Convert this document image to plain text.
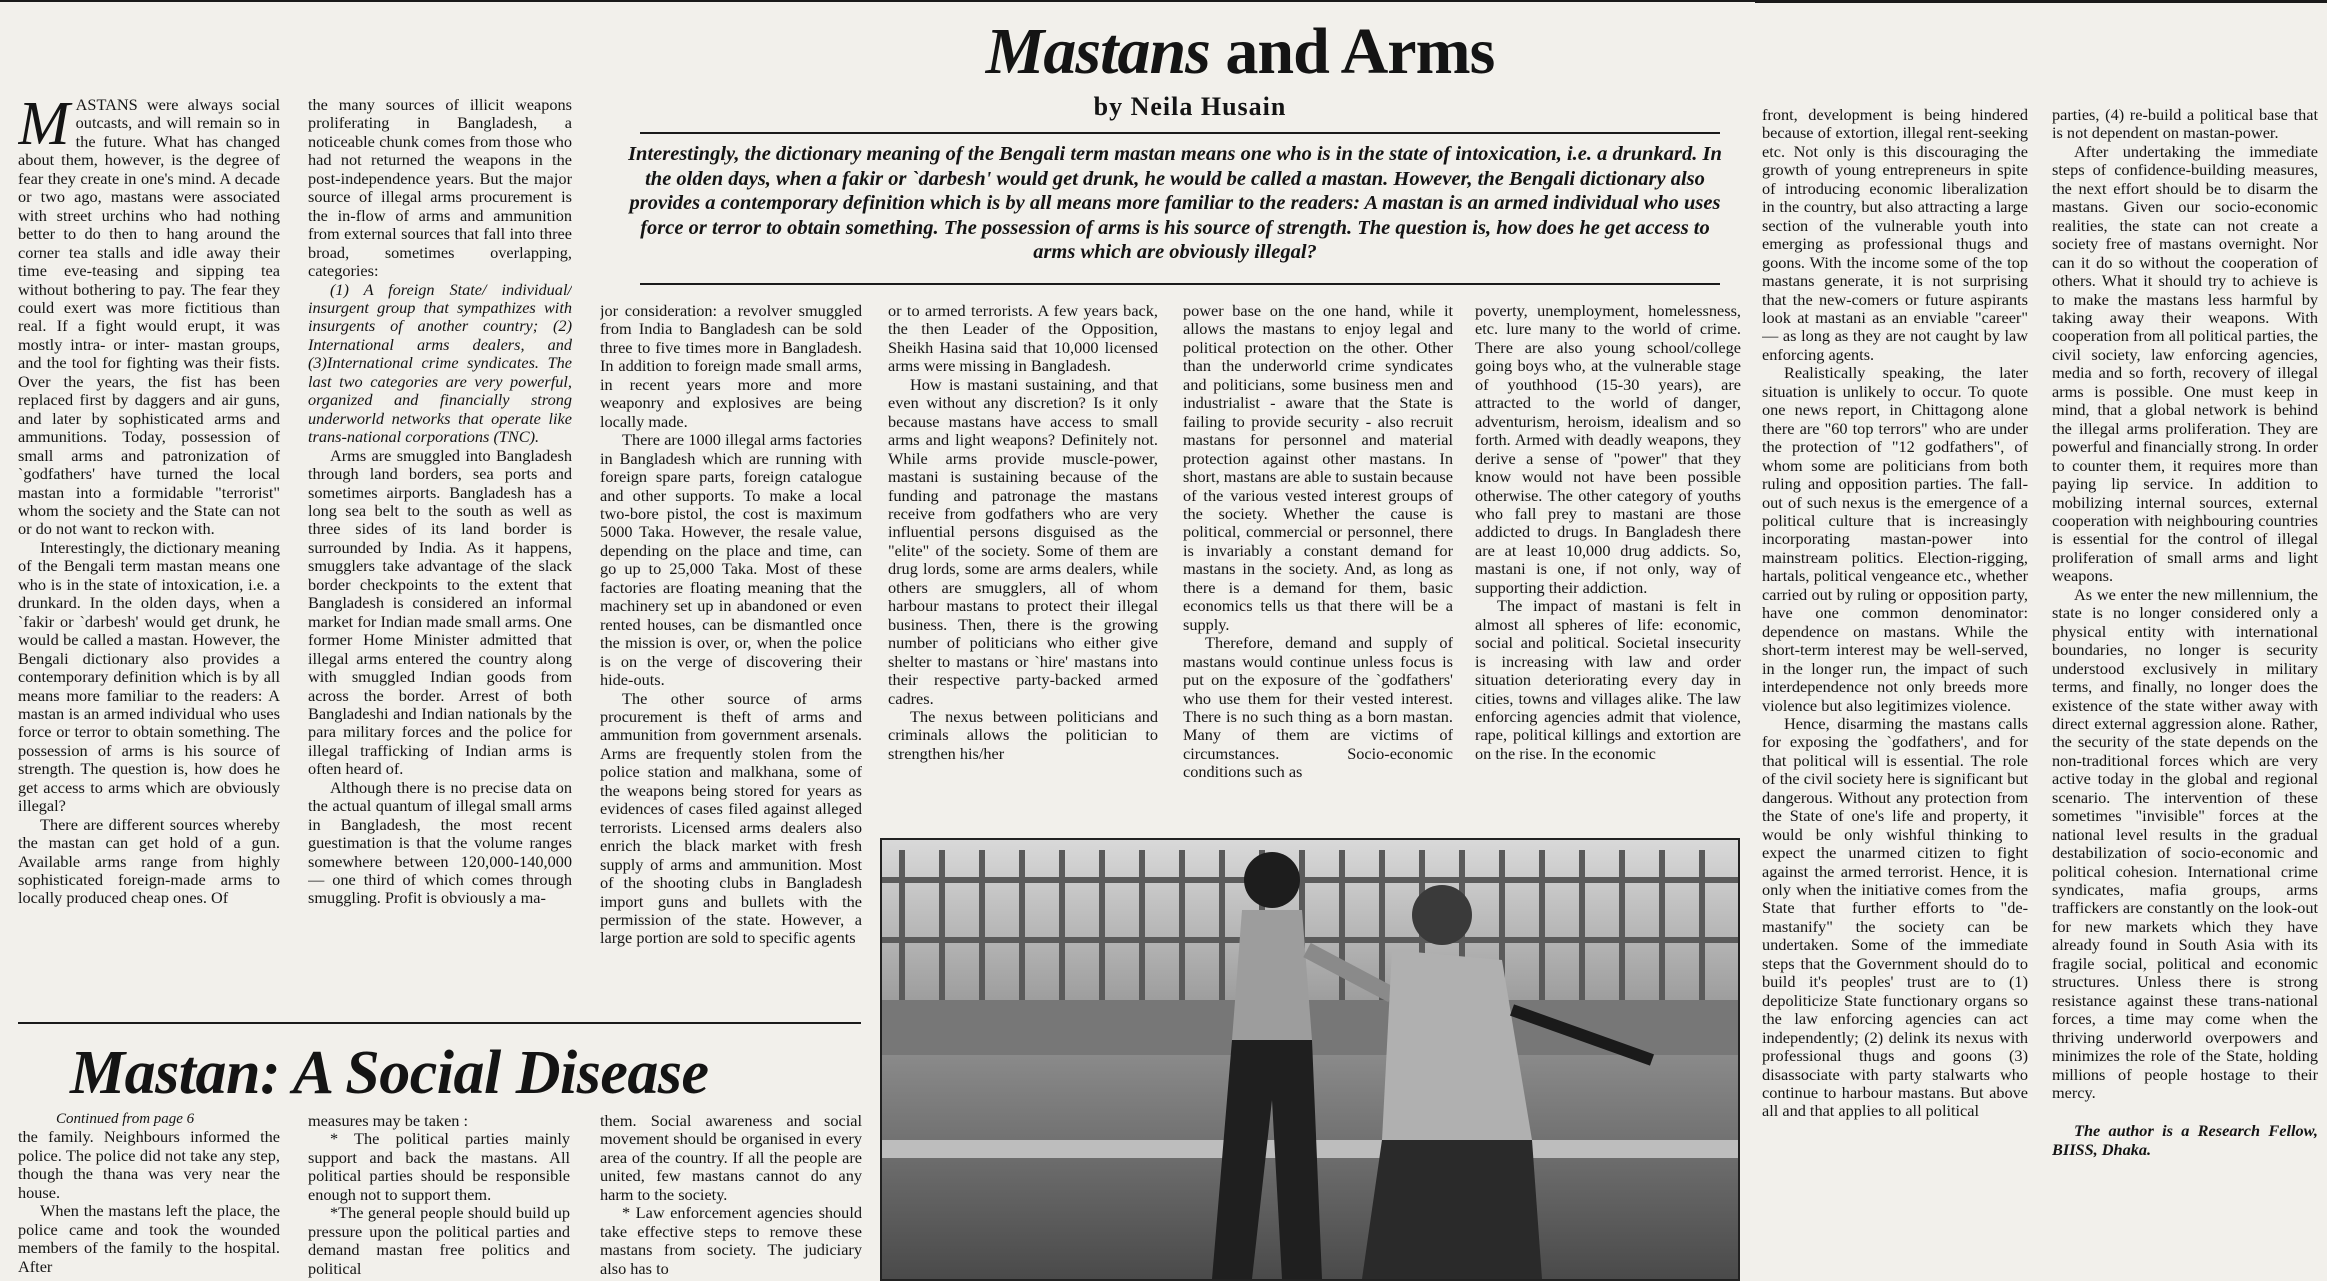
Mastans and Arms
by Neila Husain
Interestingly, the dictionary meaning of the Bengali term mastan means one who is in the state of intoxication, i.e. a drunkard. In the olden days, when a fakir or `darbesh' would get drunk, he would be called a mastan. However, the Bengali dictionary also provides a contemporary definition which is by all means more familiar to the readers: A mastan is an armed individual who uses force or terror to obtain something. The possession of arms is his source of strength. The question is, how does he get access to arms which are obviously illegal?

MASTANS were always social outcasts, and will remain so in the future. What has changed about them, however, is the degree of fear they create in one's mind. A decade or two ago, mastans were associated with street urchins who had nothing better to do then to hang around the corner tea stalls and idle away their time eve-teasing and sipping tea without bothering to pay. The fear they could exert was more fictitious than real. If a fight would erupt, it was mostly intra- or inter- mastan groups, and the tool for fighting was their fists. Over the years, the fist has been replaced first by daggers and air guns, and later by sophisticated arms and ammunitions. Today, possession of small arms and patronization of `godfathers' have turned the local mastan into a formidable "terrorist" whom the society and the State can not or do not want to reckon with.

Interestingly, the dictionary meaning of the Bengali term mastan means one who is in the state of intoxication, i.e. a drunkard. In the olden days, when a `fakir or `darbesh' would get drunk, he would be called a mastan. However, the Bengali dictionary also provides a contemporary definition which is by all means more familiar to the readers: A mastan is an armed individual who uses force or terror to obtain something. The possession of arms is his source of strength. The question is, how does he get access to arms which are obviously illegal?

There are different sources whereby the mastan can get hold of a gun. Available arms range from highly sophisticated foreign-made arms to locally produced cheap ones. Of

the many sources of illicit weapons proliferating in Bangladesh, a noticeable chunk comes from those who had not returned the weapons in the post-independence years. But the major source of illegal arms procurement is the in-flow of arms and ammunition from external sources that fall into three broad, sometimes overlapping, categories:

(1) A foreign State/ individual/ insurgent group that sympathizes with insurgents of another country; (2) International arms dealers, and (3)International crime syndicates. The last two categories are very powerful, organized and financially strong underworld networks that operate like trans-national corporations (TNC).

Arms are smuggled into Bangladesh through land borders, sea ports and sometimes airports. Bangladesh has a long sea belt to the south as well as three sides of its land border is surrounded by India. As it happens, smugglers take advantage of the slack border checkpoints to the extent that Bangladesh is considered an informal market for Indian made small arms. One former Home Minister admitted that illegal arms entered the country along with smuggled Indian goods from across the border. Arrest of both Bangladeshi and Indian nationals by the para military forces and the police for illegal trafficking of Indian arms is often heard of.

Although there is no precise data on the actual quantum of illegal small arms in Bangladesh, the most recent guestimation is that the volume ranges somewhere between 120,000-140,000 — one third of which comes through smuggling. Profit is obviously a ma-

jor consideration: a revolver smuggled from India to Bangladesh can be sold three to five times more in Bangladesh. In addition to foreign made small arms, in recent years more and more weaponry and explosives are being locally made.

There are 1000 illegal arms factories in Bangladesh which are running with foreign spare parts, foreign catalogue and other supports. To make a local two-bore pistol, the cost is maximum 5000 Taka. However, the resale value, depending on the place and time, can go up to 25,000 Taka. Most of these factories are floating meaning that the machinery set up in abandoned or even rented houses, can be dismantled once the mission is over, or, when the police is on the verge of discovering their hide-outs.

The other source of arms procurement is theft of arms and ammunition from government arsenals. Arms are frequently stolen from the police station and malkhana, some of the weapons being stored for years as evidences of cases filed against alleged terrorists. Licensed arms dealers also enrich the black market with fresh supply of arms and ammunition. Most of the shooting clubs in Bangladesh import guns and bullets with the permission of the state. However, a large portion are sold to specific agents

or to armed terrorists. A few years back, the then Leader of the Opposition, Sheikh Hasina said that 10,000 licensed arms were missing in Bangladesh.

How is mastani sustaining, and that even without any discretion? Is it only because mastans have access to small arms and light weapons? Definitely not. While arms provide muscle-power, mastani is sustaining because of the funding and patronage the mastans receive from godfathers who are very influential persons disguised as the "elite" of the society. Some of them are drug lords, some are arms dealers, while others are smugglers, all of whom harbour mastans to protect their illegal business. Then, there is the growing number of politicians who either give shelter to mastans or `hire' mastans into their respective party-backed armed cadres.

The nexus between politicians and criminals allows the politician to strengthen his/her

power base on the one hand, while it allows the mastans to enjoy legal and political protection on the other. Other than the underworld crime syndicates and politicians, some business men and industrialist - aware that the State is failing to provide security - also recruit mastans for personnel and material protection against other mastans. In short, mastans are able to sustain because of the various vested interest groups of the society. Whether the cause is political, commercial or personnel, there is invariably a constant demand for mastans in the society. And, as long as there is a demand for them, basic economics tells us that there will be a supply.

Therefore, demand and supply of mastans would continue unless focus is put on the exposure of the `godfathers' who use them for their vested interest. There is no such thing as a born mastan. Many of them are victims of circumstances. Socio-economic conditions such as

poverty, unemployment, homelessness, etc. lure many to the world of crime. There are also young school/college going boys who, at the vulnerable stage of youthhood (15-30 years), are attracted to the world of danger, adventurism, heroism, idealism and so forth. Armed with deadly weapons, they derive a sense of "power" that they know would not have been possible otherwise. The other category of youths who fall prey to mastani are those addicted to drugs. In Bangladesh there are at least 10,000 drug addicts. So, mastani is one, if not only, way of supporting their addiction.

The impact of mastani is felt in almost all spheres of life: economic, social and political. Societal insecurity is increasing with law and order situation deteriorating every day in cities, towns and villages alike. The law enforcing agencies admit that violence, rape, political killings and extortion are on the rise. In the economic

front, development is being hindered because of extortion, illegal rent-seeking etc. Not only is this discouraging the growth of young entrepreneurs in spite of introducing economic liberalization in the country, but also attracting a large section of the vulnerable youth into emerging as professional thugs and goons. With the income some of the top mastans generate, it is not surprising that the new-comers or future aspirants look at mastani as an enviable "career" — as long as they are not caught by law enforcing agents.

Realistically speaking, the later situation is unlikely to occur. To quote one news report, in Chittagong alone there are "60 top terrors" who are under the protection of "12 godfathers", of whom some are politicians from both ruling and opposition parties. The fall-out of such nexus is the emergence of a political culture that is increasingly incorporating mastan-power into mainstream politics. Election-rigging, hartals, political vengeance etc., whether carried out by ruling or opposition party, have one common denominator: dependence on mastans. While the short-term interest may be well-served, in the longer run, the impact of such interdependence not only breeds more violence but also legitimizes violence.

Hence, disarming the mastans calls for exposing the `godfathers', and for that political will is essential. The role of the civil society here is significant but dangerous. Without any protection from the State of one's life and property, it would be only wishful thinking to expect the unarmed citizen to fight against the armed terrorist. Hence, it is only when the initiative comes from the State that further efforts to "de-mastanify" the society can be undertaken. Some of the immediate steps that the Government should do to build it's peoples' trust are to (1) depoliticize State functionary organs so the law enforcing agencies can act independently; (2) delink its nexus with professional thugs and goons (3) disassociate with party stalwarts who continue to harbour mastans. But above all and that applies to all political

parties, (4) re-build a political base that is not dependent on mastan-power.

After undertaking the immediate steps of confidence-building measures, the next effort should be to disarm the mastans. Given our socio-economic realities, the state can not create a society free of mastans overnight. Nor can it do so without the cooperation of others. What it should try to achieve is to make the mastans less harmful by taking away their weapons. With cooperation from all political parties, the civil society, law enforcing agencies, media and so forth, recovery of illegal arms is possible. One must keep in mind, that a global network is behind the illegal arms proliferation. They are powerful and financially strong. In order to counter them, it requires more than paying lip service. In addition to mobilizing internal sources, external cooperation with neighbouring countries is essential for the control of illegal proliferation of small arms and light weapons.

As we enter the new millennium, the state is no longer considered only a physical entity with international boundaries, no longer is security understood exclusively in military terms, and finally, no longer does the existence of the state wither away with direct external aggression alone. Rather, the security of the state depends on the non-traditional forces which are very active today in the global and regional scenario. The intervention of these sometimes "invisible" forces at the national level results in the gradual destabilization of socio-economic and political cohesion. International crime syndicates, mafia groups, arms traffickers are constantly on the look-out for new markets which they have already found in South Asia with its fragile social, political and economic structures. Unless there is strong resistance against these trans-national forces, a time may come when the thriving underworld overpowers and minimizes the role of the State, holding millions of people hostage to their mercy.

The author is a Research Fellow, BIISS, Dhaka.

Mastan: A Social Disease

Continued from page 6

the family. Neighbours informed the police. The police did not take any step, though the thana was very near the house.

When the mastans left the place, the police came and took the wounded members of the family to the hospital. After

measures may be taken :

* The political parties mainly support and back the mastans. All political parties should be responsible enough not to support them.

*The general people should build up pressure upon the political parties and demand mastan free politics and political

them. Social awareness and social movement should be organised in every area of the country. If all the people are united, few mastans cannot do any harm to the society.

* Law enforcement agencies should take effective steps to remove these mastans from society. The judiciary also has to
